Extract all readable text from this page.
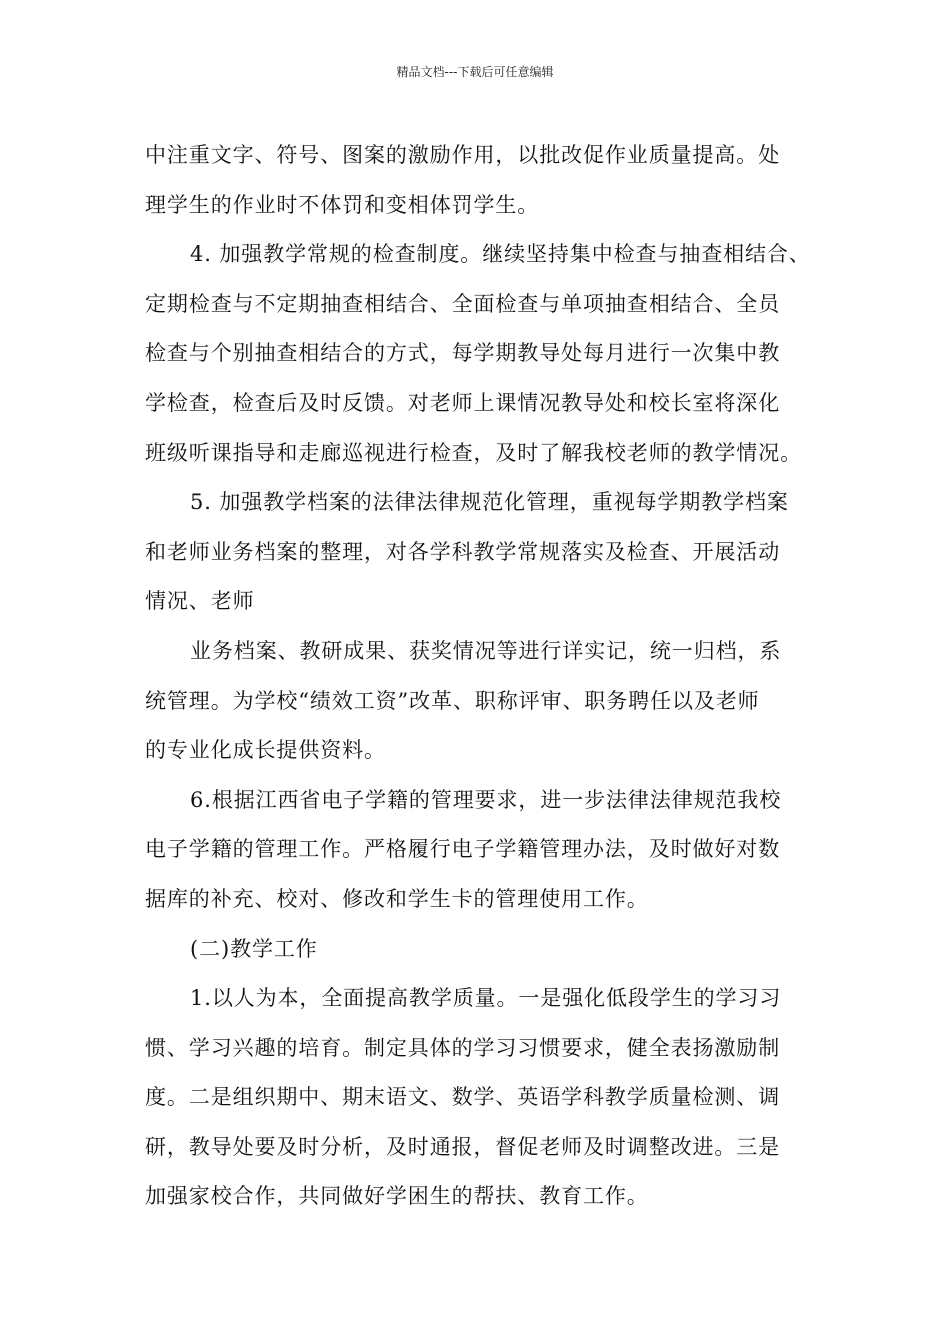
精品文档---下载后可任意编辑
中注重文字、符号、图案的激励作用，以批改促作业质量提高。处
理学生的作业时不体罚和变相体罚学生。
4. 加强教学常规的检查制度。继续坚持集中检查与抽查相结合、
定期检查与不定期抽查相结合、全面检查与单项抽查相结合、全员
检查与个别抽查相结合的方式，每学期教导处每月进行一次集中教
学检查，检查后及时反馈。对老师上课情况教导处和校长室将深化
班级听课指导和走廊巡视进行检查，及时了解我校老师的教学情况。
5. 加强教学档案的法律法律规范化管理，重视每学期教学档案
和老师业务档案的整理，对各学科教学常规落实及检查、开展活动
情况、老师
业务档案、教研成果、获奖情况等进行详实记，统一归档，系
统管理。为学校“绩效工资”改革、职称评审、职务聘任以及老师
的专业化成长提供资料。
6.根据江西省电子学籍的管理要求，进一步法律法律规范我校
电子学籍的管理工作。严格履行电子学籍管理办法，及时做好对数
据库的补充、校对、修改和学生卡的管理使用工作。
(二)教学工作
1.以人为本，全面提高教学质量。一是强化低段学生的学习习
惯、学习兴趣的培育。制定具体的学习习惯要求，健全表扬激励制
度。二是组织期中、期末语文、数学、英语学科教学质量检测、调
研，教导处要及时分析，及时通报，督促老师及时调整改进。三是
加强家校合作，共同做好学困生的帮扶、教育工作。
